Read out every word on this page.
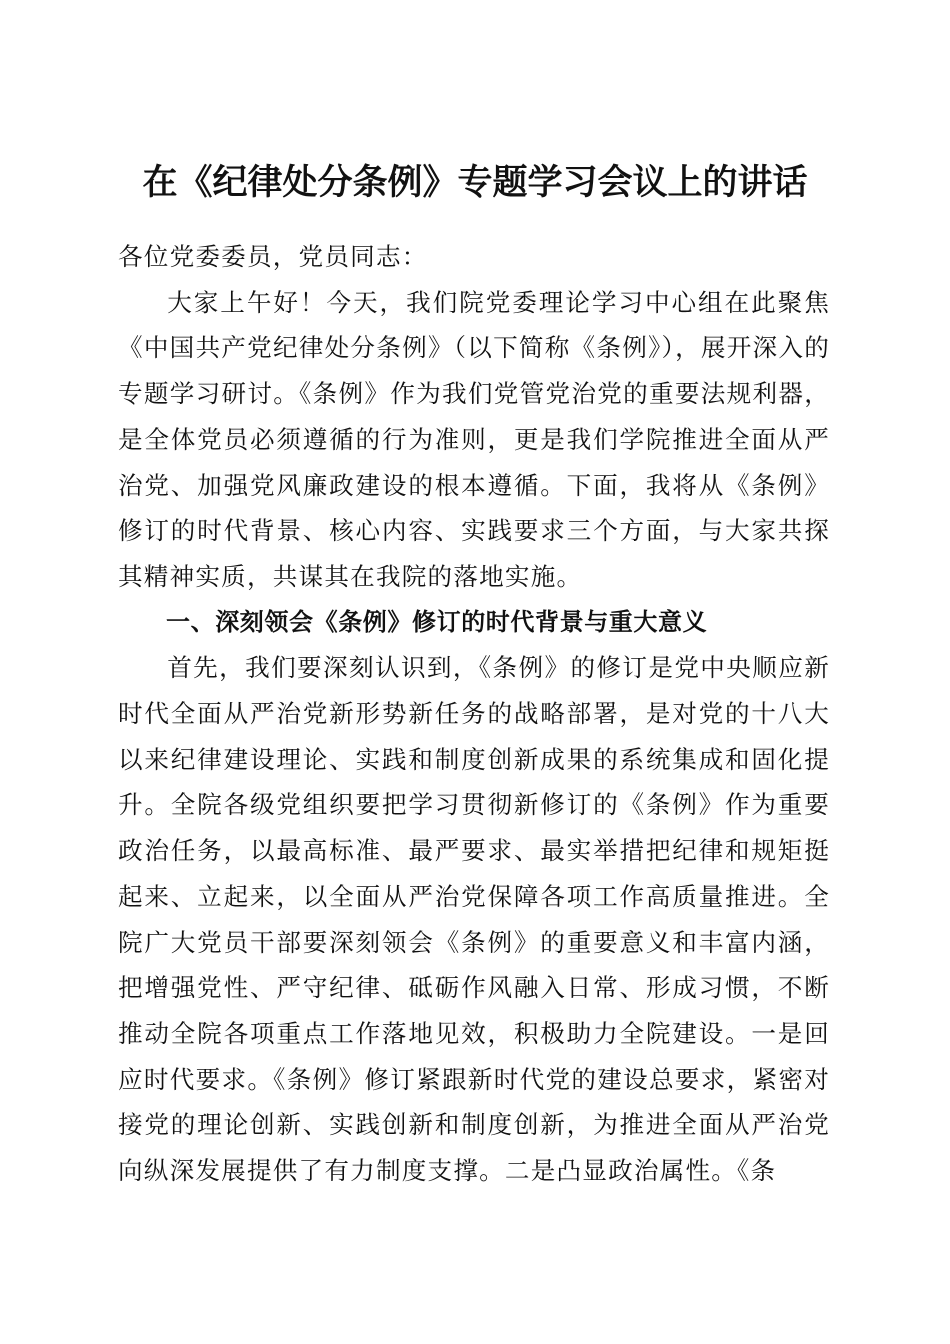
在《纪律处分条例》专题学习会议上的讲话

各位党委委员，党员同志：

大家上午好！今天，我们院党委理论学习中心组在此聚焦《中国共产党纪律处分条例》（以下简称《条例》），展开深入的专题学习研讨。《条例》作为我们党管党治党的重要法规利器，是全体党员必须遵循的行为准则，更是我们学院推进全面从严治党、加强党风廉政建设的根本遵循。下面，我将从《条例》修订的时代背景、核心内容、实践要求三个方面，与大家共探其精神实质，共谋其在我院的落地实施。

一、深刻领会《条例》修订的时代背景与重大意义

首先，我们要深刻认识到，《条例》的修订是党中央顺应新时代全面从严治党新形势新任务的战略部署，是对党的十八大以来纪律建设理论、实践和制度创新成果的系统集成和固化提升。全院各级党组织要把学习贯彻新修订的《条例》作为重要政治任务，以最高标准、最严要求、最实举措把纪律和规矩挺起来、立起来，以全面从严治党保障各项工作高质量推进。全院广大党员干部要深刻领会《条例》的重要意义和丰富内涵，把增强党性、严守纪律、砥砺作风融入日常、形成习惯，不断推动全院各项重点工作落地见效，积极助力全院建设。一是回应时代要求。《条例》修订紧跟新时代党的建设总要求，紧密对接党的理论创新、实践创新和制度创新，为推进全面从严治党向纵深发展提供了有力制度支撑。二是凸显政治属性。《条
